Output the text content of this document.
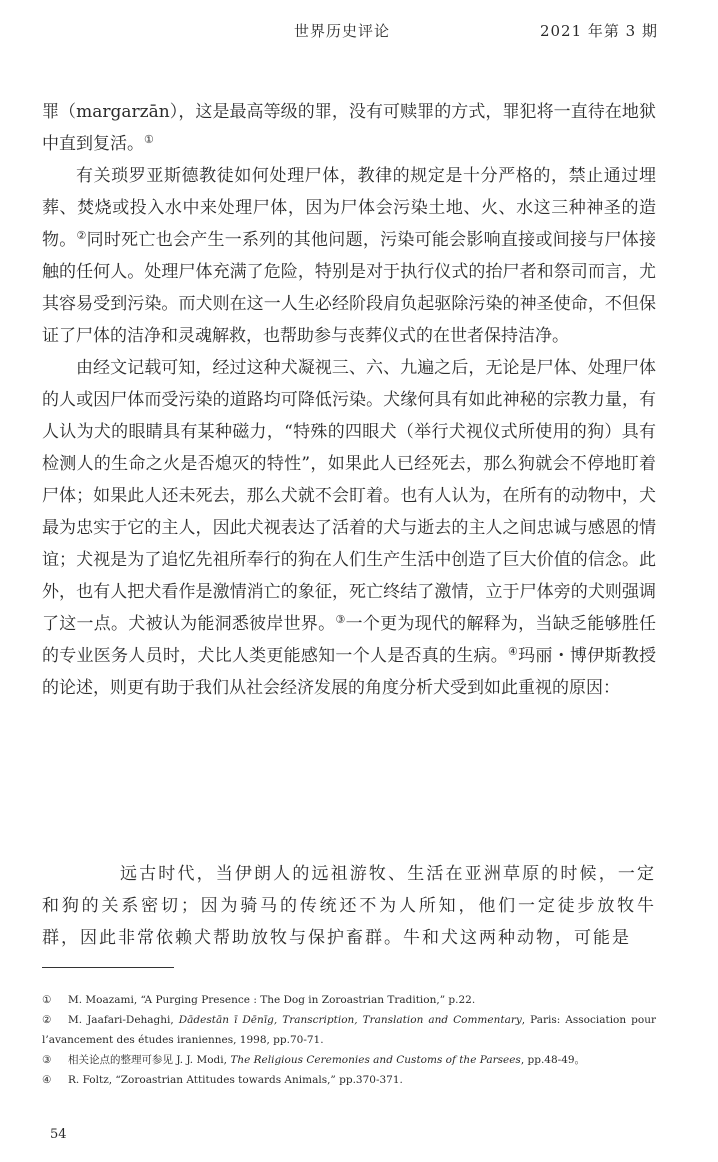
世界历史评论	2021 年第 3 期

罪（margarzān），这是最高等级的罪，没有可赎罪的方式，罪犯将一直待在地狱中直到复活。①

有关琐罗亚斯德教徒如何处理尸体，教律的规定是十分严格的，禁止通过埋葬、焚烧或投入水中来处理尸体，因为尸体会污染土地、火、水这三种神圣的造物。②同时死亡也会产生一系列的其他问题，污染可能会影响直接或间接与尸体接触的任何人。处理尸体充满了危险，特别是对于执行仪式的抬尸者和祭司而言，尤其容易受到污染。而犬则在这一人生必经阶段肩负起驱除污染的神圣使命，不但保证了尸体的洁净和灵魂解救，也帮助参与丧葬仪式的在世者保持洁净。

由经文记载可知，经过这种犬凝视三、六、九遍之后，无论是尸体、处理尸体的人或因尸体而受污染的道路均可降低污染。犬缘何具有如此神秘的宗教力量，有人认为犬的眼睛具有某种磁力，“特殊的四眼犬（举行犬视仪式所使用的狗）具有检测人的生命之火是否熄灭的特性”，如果此人已经死去，那么狗就会不停地盯着尸体；如果此人还未死去，那么犬就不会盯着。也有人认为，在所有的动物中，犬最为忠实于它的主人，因此犬视表达了活着的犬与逝去的主人之间忠诚与感恩的情谊；犬视是为了追忆先祖所奉行的狗在人们生产生活中创造了巨大价值的信念。此外，也有人把犬看作是激情消亡的象征，死亡终结了激情，立于尸体旁的犬则强调了这一点。犬被认为能洞悉彼岸世界。③一个更为现代的解释为，当缺乏能够胜任的专业医务人员时，犬比人类更能感知一个人是否真的生病。④玛丽・博伊斯教授的论述，则更有助于我们从社会经济发展的角度分析犬受到如此重视的原因：

远古时代，当伊朗人的远祖游牧、生活在亚洲草原的时候，一定和狗的关系密切；因为骑马的传统还不为人所知，他们一定徒步放牧牛群，因此非常依赖犬帮助放牧与保护畜群。牛和犬这两种动物，可能是

① M. Moazami, “A Purging Presence : The Dog in Zoroastrian Tradition,” p.22.
② M. Jaafari-Dehaghi, Dādestān ī Dēnīg, Transcription, Translation and Commentary, Paris: Association pour l’avancement des études iraniennes, 1998, pp.70-71.
③ 相关论点的整理可参见 J. J. Modi, The Religious Ceremonies and Customs of the Parsees, pp.48-49。
④ R. Foltz, “Zoroastrian Attitudes towards Animals,” pp.370-371.
54
